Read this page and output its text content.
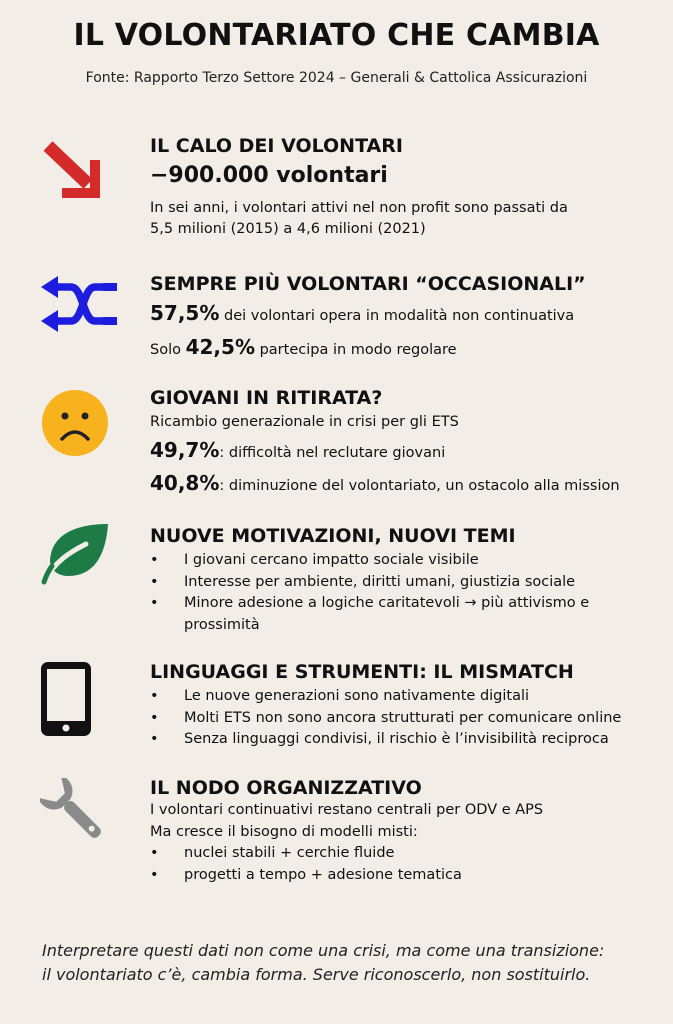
IL VOLONTARIATO CHE CAMBIA
Fonte: Rapporto Terzo Settore 2024 – Generali & Cattolica Assicurazioni
IL CALO DEI VOLONTARI
−900.000 volontari
In sei anni, i volontari attivi nel non profit sono passati da 5,5 milioni (2015) a 4,6 milioni (2021)
SEMPRE PIÙ VOLONTARI “OCCASIONALI”
57,5% dei volontari opera in modalità non continuativa
Solo 42,5% partecipa in modo regolare
GIOVANI IN RITIRATA?
Ricambio generazionale in crisi per gli ETS
49,7%: difficoltà nel reclutare giovani
40,8%: diminuzione del volontariato, un ostacolo alla mission
NUOVE MOTIVAZIONI, NUOVI TEMI
• I giovani cercano impatto sociale visibile
• Interesse per ambiente, diritti umani, giustizia sociale
• Minore adesione a logiche caritatevoli → più attivismo e prossimità
LINGUAGGI E STRUMENTI: IL MISMATCH
• Le nuove generazioni sono nativamente digitali
• Molti ETS non sono ancora strutturati per comunicare online
• Senza linguaggi condivisi, il rischio è l’invisibilità reciproca
IL NODO ORGANIZZATIVO
I volontari continuativi restano centrali per ODV e APS
Ma cresce il bisogno di modelli misti:
• nuclei stabili + cerchie fluide
• progetti a tempo + adesione tematica
Interpretare questi dati non come una crisi, ma come una transizione:
il volontariato c’è, cambia forma. Serve riconoscerlo, non sostituirlo.
